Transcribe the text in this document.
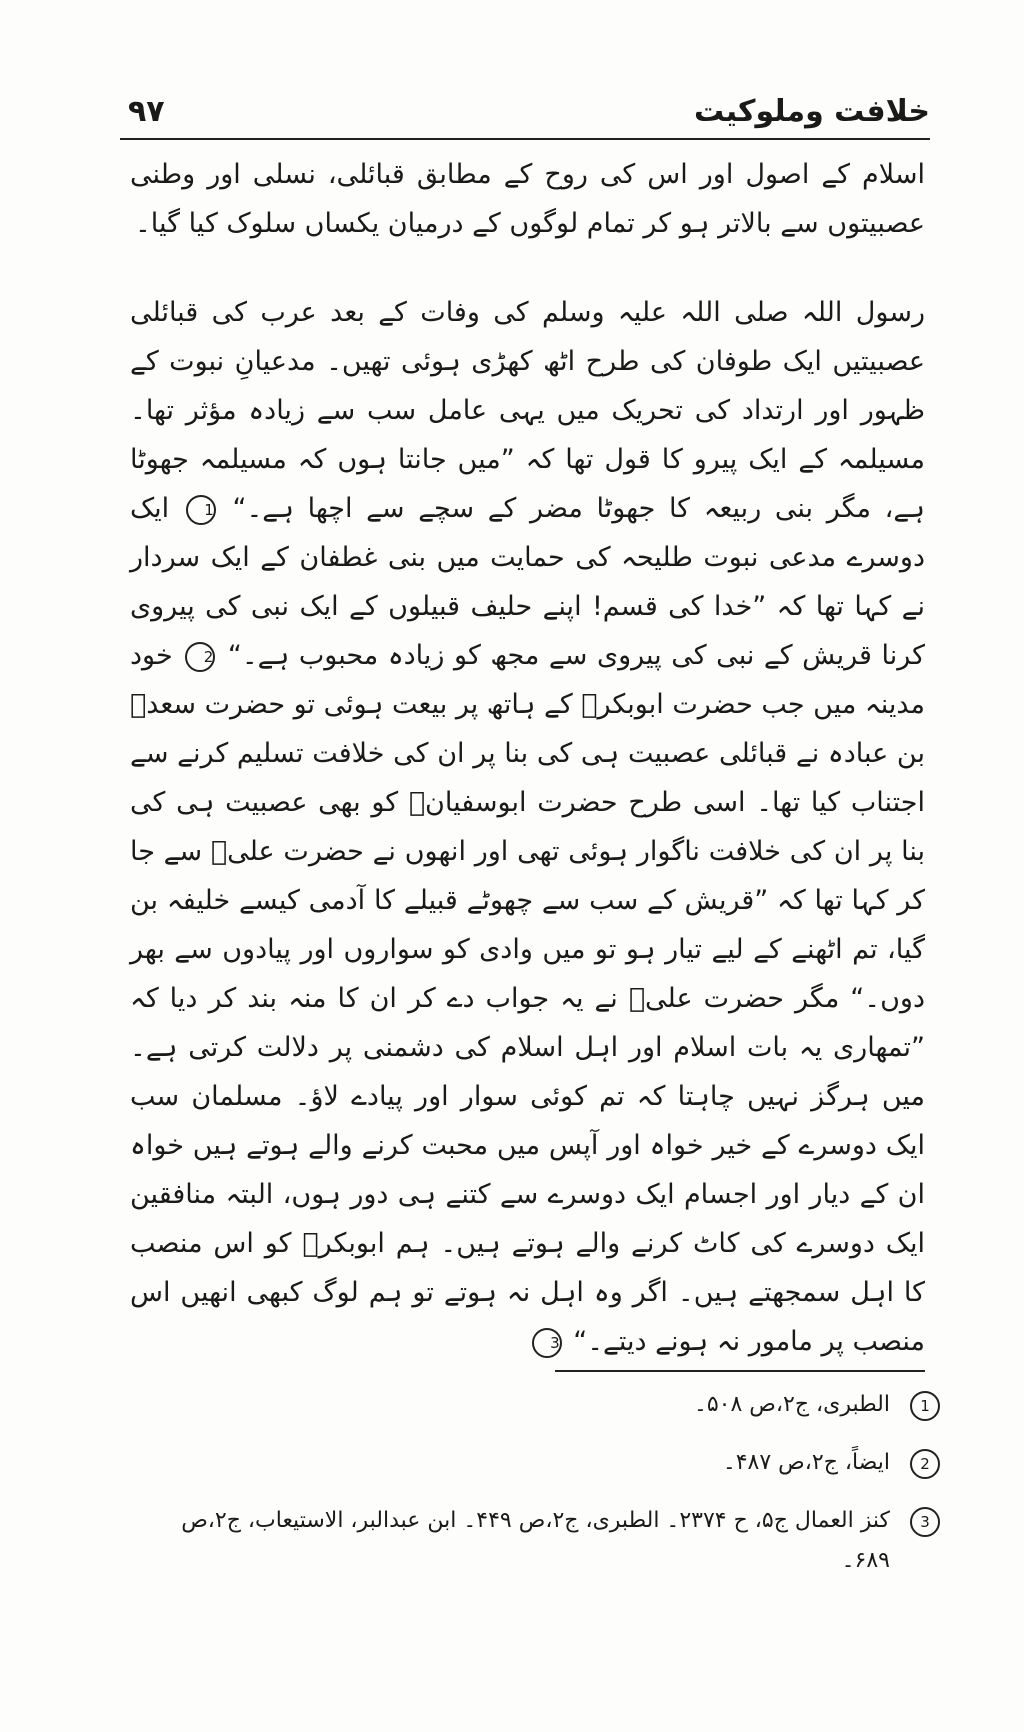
خلافت وملوکیت
۹۷

اسلام کے اصول اور اس کی روح کے مطابق قبائلی، نسلی اور وطنی عصبیتوں سے بالاتر ہو کر تمام لوگوں کے درمیان یکساں سلوک کیا گیا۔

رسول اللہ صلی اللہ علیہ وسلم کی وفات کے بعد عرب کی قبائلی عصبیتیں ایک طوفان کی طرح اٹھ کھڑی ہوئی تھیں۔ مدعیانِ نبوت کے ظہور اور ارتداد کی تحریک میں یہی عامل سب سے زیادہ مؤثر تھا۔ مسیلمہ کے ایک پیرو کا قول تھا کہ ”میں جانتا ہوں کہ مسیلمہ جھوٹا ہے، مگر بنی ربیعہ کا جھوٹا مضر کے سچے سے اچھا ہے۔“ 1 ایک دوسرے مدعی نبوت طلیحہ کی حمایت میں بنی غطفان کے ایک سردار نے کہا تھا کہ ”خدا کی قسم! اپنے حلیف قبیلوں کے ایک نبی کی پیروی کرنا قریش کے نبی کی پیروی سے مجھ کو زیادہ محبوب ہے۔“ 2 خود مدینہ میں جب حضرت ابوبکرؓ کے ہاتھ پر بیعت ہوئی تو حضرت سعدؓ بن عبادہ نے قبائلی عصبیت ہی کی بنا پر ان کی خلافت تسلیم کرنے سے اجتناب کیا تھا۔ اسی طرح حضرت ابوسفیانؓ کو بھی عصبیت ہی کی بنا پر ان کی خلافت ناگوار ہوئی تھی اور انھوں نے حضرت علیؓ سے جا کر کہا تھا کہ ”قریش کے سب سے چھوٹے قبیلے کا آدمی کیسے خلیفہ بن گیا، تم اٹھنے کے لیے تیار ہو تو میں وادی کو سواروں اور پیادوں سے بھر دوں۔“ مگر حضرت علیؓ نے یہ جواب دے کر ان کا منہ بند کر دیا کہ ”تمھاری یہ بات اسلام اور اہل اسلام کی دشمنی پر دلالت کرتی ہے۔ میں ہرگز نہیں چاہتا کہ تم کوئی سوار اور پیادے لاؤ۔ مسلمان سب ایک دوسرے کے خیر خواہ اور آپس میں محبت کرنے والے ہوتے ہیں خواہ ان کے دیار اور اجسام ایک دوسرے سے کتنے ہی دور ہوں، البتہ منافقین ایک دوسرے کی کاٹ کرنے والے ہوتے ہیں۔ ہم ابوبکرؓ کو اس منصب کا اہل سمجھتے ہیں۔ اگر وہ اہل نہ ہوتے تو ہم لوگ کبھی انھیں اس منصب پر مامور نہ ہونے دیتے۔“ 3

1
الطبری، ج۲،ص ۵۰۸۔
2
ایضاً، ج۲،ص ۴۸۷۔
3
کنز العمال ج۵، ح ۲۳۷۴۔ الطبری، ج۲،ص ۴۴۹۔ ابن عبدالبر، الاستیعاب، ج۲،ص ۶۸۹۔
